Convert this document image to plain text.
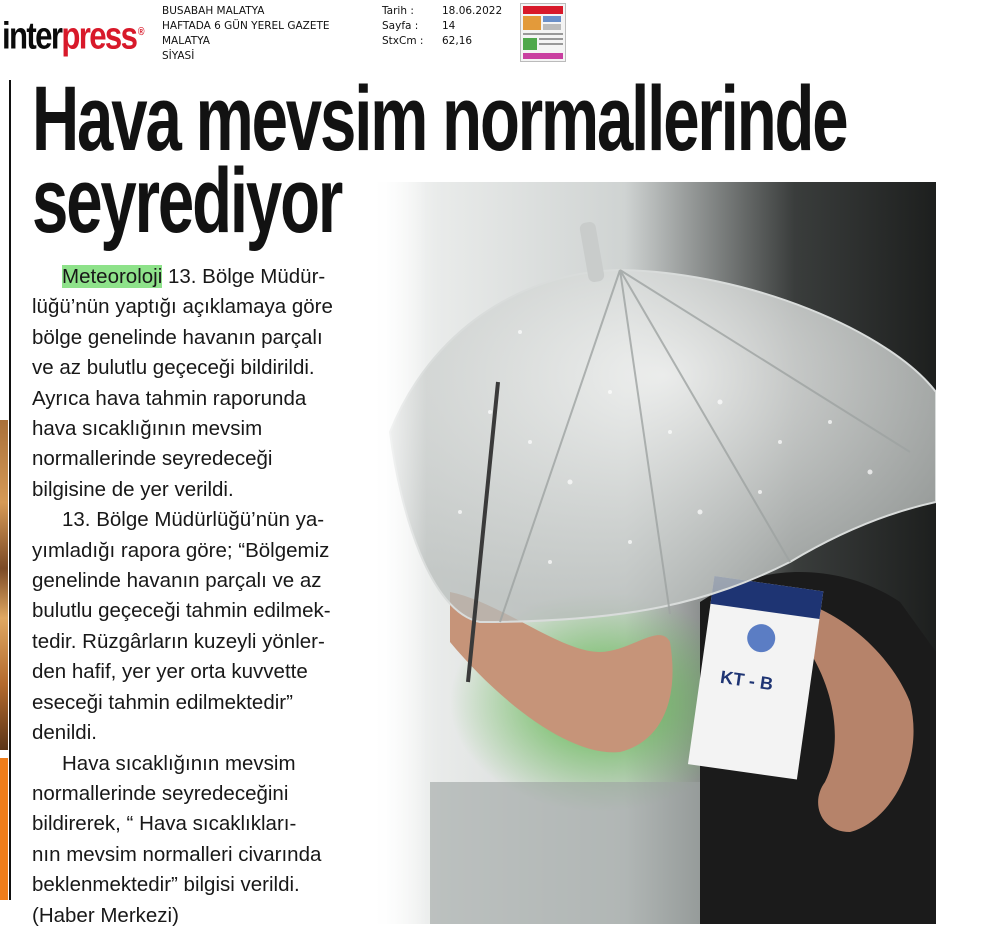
interpress ®
BUSABAH MALATYA
HAFTADA 6 GÜN YEREL GAZETE
MALATYA
SİYASİ
Tarih :	18.06.2022
Sayfa :	14
StxCm :	62,16
Hava mevsim normallerinde
seyrediyor
Meteoroloji 13. Bölge Müdür-
lüğü’nün yaptığı açıklamaya göre
bölge genelinde havanın parçalı
ve az bulutlu geçeceği bildirildi.
Ayrıca hava tahmin raporunda
hava sıcaklığının mevsim
normallerinde seyredeceği
bilgisine de yer verildi.
13. Bölge Müdürlüğü’nün ya-
yımladığı rapora göre; “Bölgemiz
genelinde havanın parçalı ve az
bulutlu geçeceği tahmin edilmek-
tedir. Rüzgârların kuzeyli yönler-
den hafif, yer yer orta kuvvette
eseceği tahmin edilmektedir”
denildi.
Hava sıcaklığının mevsim
normallerinde seyredeceğini
bildirerek, “ Hava sıcaklıkları-
nın mevsim normalleri civarında
beklenmektedir” bilgisi verildi.
(Haber Merkezi)
